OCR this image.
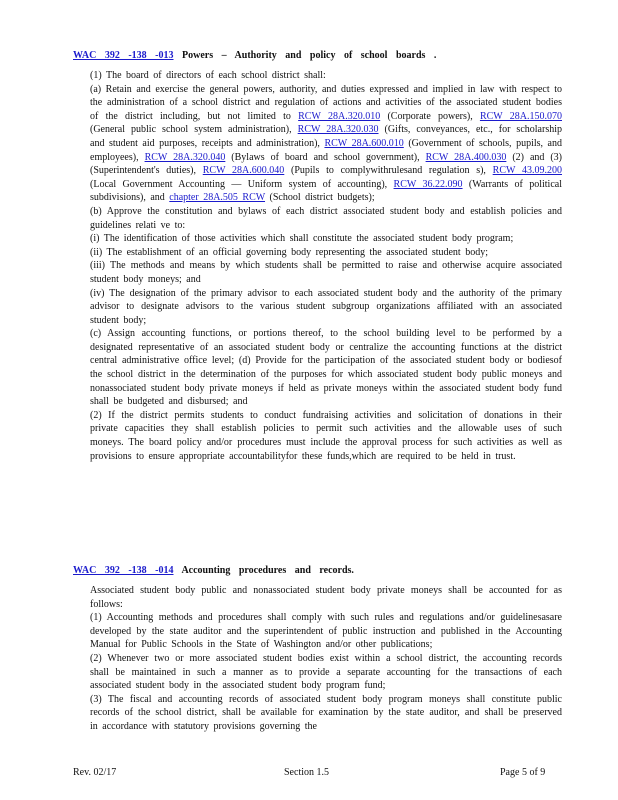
WAC 392 -138 -013 Powers – Authority and policy of school boards .

(1) The board of directors of each school district shall:

(a) Retain and exercise the general powers, authority, and duties expressed and implied in law with respect to the administration of a school district and regulation of actions and activities of the associated student bodies of the district including, but not limited to RCW 28A.320.010 (Corporate powers), RCW 28A.150.070 (General public school system administration), RCW 28A.320.030 (Gifts, conveyances, etc., for scholarship and student aid purposes, receipts and administration), RCW 28A.600.010 (Government of schools, pupils, and employees), RCW 28A.320.040 (Bylaws of board and school government), RCW 28A.400.030 (2) and (3) (Superintendent's duties), RCW 28A.600.040 (Pupils to complywithrulesand regulation s), RCW 43.09.200 (Local Government Accounting — Uniform system of accounting), RCW 36.22.090 (Warrants of political subdivisions), and chapter 28A.505 RCW (School district budgets);

(b) Approve the constitution and bylaws of each district associated student body and establish policies and guidelines relati ve to:

(i) The identification of those activities which shall constitute the associated student body program;

(ii) The establishment of an official governing body representing the associated student body;

(iii) The methods and means by which students shall be permitted to raise and otherwise acquire associated student body moneys; and

(iv) The designation of the primary advisor to each associated student body and the authority of the primary advisor to designate advisors to the various student subgroup organizations affiliated with an associated student body;

(c) Assign accounting functions, or portions thereof, to the school building level to be performed by a designated representative of an associated student body or centralize the accounting functions at the district central administrative office level; (d) Provide for the participation of the associated student body or bodiesof the school district in the determination of the purposes for which associated student body public moneys and nonassociated student body private moneys if held as private moneys within the associated student body fund shall be budgeted and disbursed; and

(2) If the district permits students to conduct fundraising activities and solicitation of donations in their private capacities they shall establish policies to permit such activities and the allowable uses of such moneys. The board policy and/or procedures must include the approval process for such activities as well as provisions to ensure appropriate accountabilityfor these funds,which are required to be held in trust.

WAC 392 -138 -014 Accounting procedures and records.

Associated student body public and nonassociated student body private moneys shall be accounted for as follows:

(1) Accounting methods and procedures shall comply with such rules and regulations and/or guidelinesasare developed by the state auditor and the superintendent of public instruction and published in the Accounting Manual for Public Schools in the State of Washington and/or other publications;

(2) Whenever two or more associated student bodies exist within a school district, the accounting records shall be maintained in such a manner as to provide a separate accounting for the transactions of each associated student body in the associated student body program fund;

(3) The fiscal and accounting records of associated student body program moneys shall constitute public records of the school district, shall be available for examination by the state auditor, and shall be preserved in accordance with statutory provisions governing the

Rev. 02/17	Section 1.5	Page 5 of 9
